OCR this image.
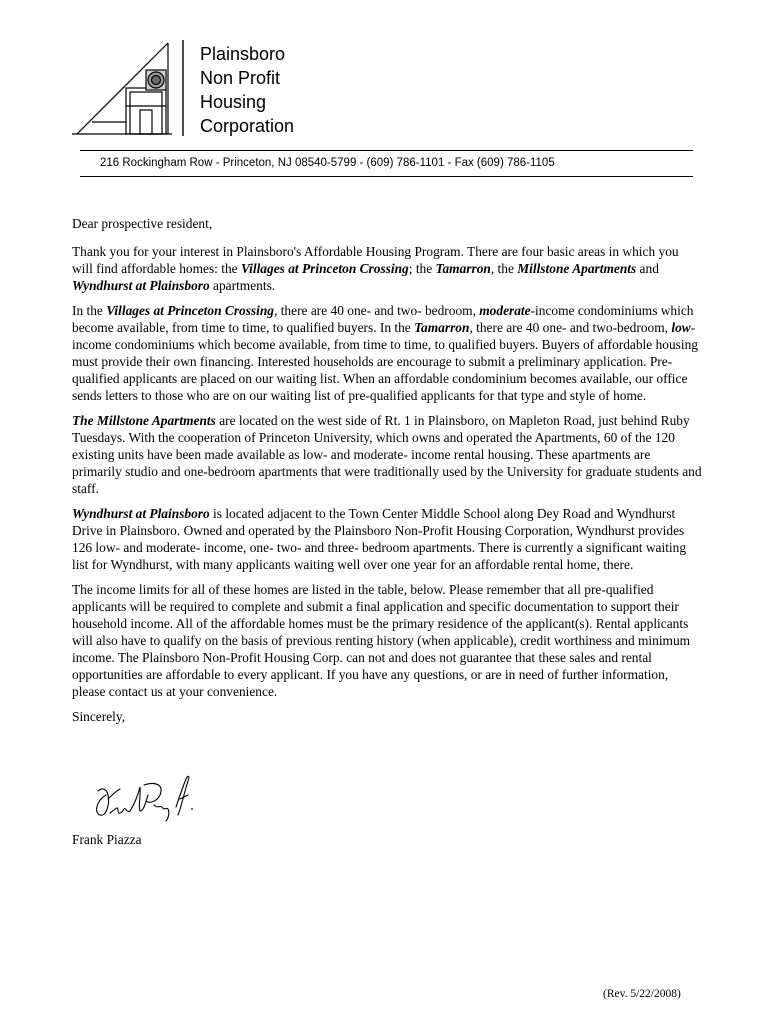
Plainsboro
Non Profit
Housing
Corporation
216 Rockingham Row - Princeton, NJ 08540-5799 - (609) 786-1101 - Fax (609) 786-1105

Dear prospective resident,

Thank you for your interest in Plainsboro's Affordable Housing Program. There are four basic areas in which you will find affordable homes: the Villages at Princeton Crossing; the Tamarron, the Millstone Apartments and Wyndhurst at Plainsboro apartments.

In the Villages at Princeton Crossing, there are 40 one- and two- bedroom, moderate-income condominiums which become available, from time to time, to qualified buyers. In the Tamarron, there are 40 one- and two-bedroom, low-income condominiums which become available, from time to time, to qualified buyers. Buyers of affordable housing must provide their own financing. Interested households are encourage to submit a preliminary application. Pre-qualified applicants are placed on our waiting list. When an affordable condominium becomes available, our office sends letters to those who are on our waiting list of pre-qualified applicants for that type and style of home.

The Millstone Apartments are located on the west side of Rt. 1 in Plainsboro, on Mapleton Road, just behind Ruby Tuesdays. With the cooperation of Princeton University, which owns and operated the Apartments, 60 of the 120 existing units have been made available as low- and moderate- income rental housing. These apartments are primarily studio and one-bedroom apartments that were traditionally used by the University for graduate students and staff.

Wyndhurst at Plainsboro is located adjacent to the Town Center Middle School along Dey Road and Wyndhurst Drive in Plainsboro. Owned and operated by the Plainsboro Non-Profit Housing Corporation, Wyndhurst provides 126 low- and moderate- income, one- two- and three- bedroom apartments. There is currently a significant waiting list for Wyndhurst, with many applicants waiting well over one year for an affordable rental home, there.

The income limits for all of these homes are listed in the table, below. Please remember that all pre-qualified applicants will be required to complete and submit a final application and specific documentation to support their household income. All of the affordable homes must be the primary residence of the applicant(s). Rental applicants will also have to qualify on the basis of previous renting history (when applicable), credit worthiness and minimum income. The Plainsboro Non-Profit Housing Corp. can not and does not guarantee that these sales and rental opportunities are affordable to every applicant. If you have any questions, or are in need of further information, please contact us at your convenience.

Sincerely,

Frank Piazza
(Rev. 5/22/2008)
